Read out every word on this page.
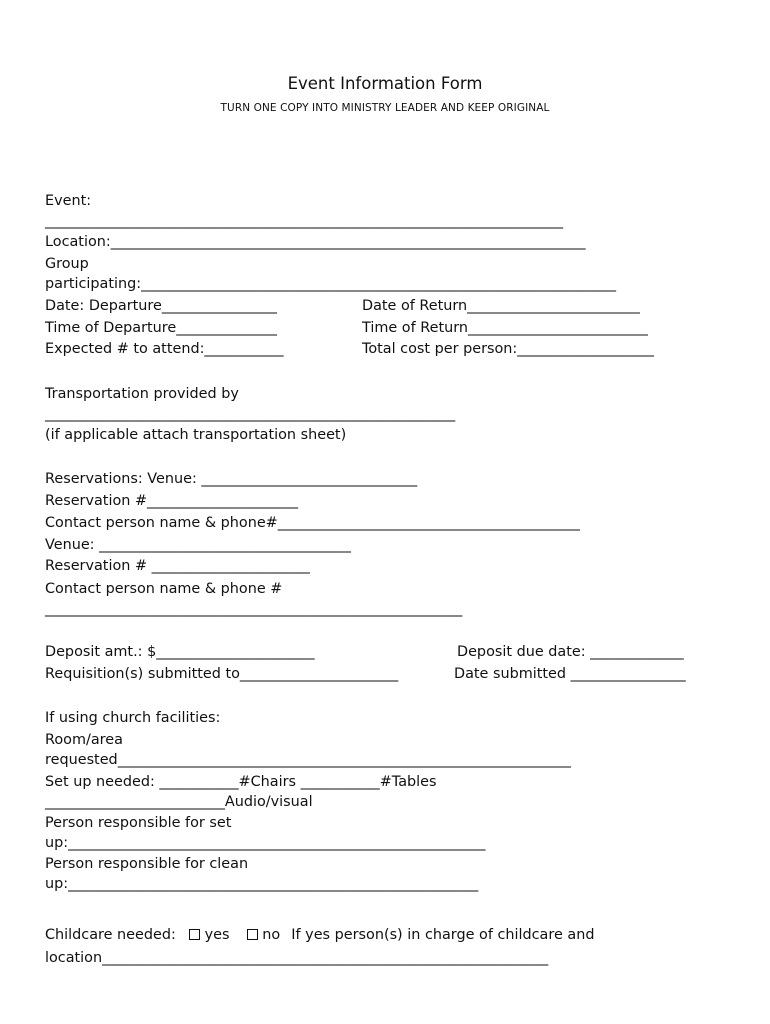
Event Information Form
TURN ONE COPY INTO MINISTRY LEADER AND KEEP ORIGINAL
Event:
________________________________________________________________________
Location:__________________________________________________________________
Group
participating:__________________________________________________________________
Date: Departure________________	Date of Return________________________
Time of Departure______________	Time of Return_________________________
Expected # to attend:___________	Total cost per person:___________________
Transportation provided by
_________________________________________________________
(if applicable attach transportation sheet)
Reservations: Venue: ______________________________
Reservation #_____________________
Contact person name & phone#__________________________________________
Venue: ___________________________________
Reservation # ______________________
Contact person name & phone #
__________________________________________________________
Deposit amt.: $______________________	Deposit due date: _____________
Requisition(s) submitted to______________________	Date submitted ________________
If using church facilities:
Room/area
requested_______________________________________________________________
Set up needed: ___________#Chairs ___________#Tables
_________________________Audio/visual
Person responsible for set
up:__________________________________________________________
Person responsible for clean
up:_________________________________________________________
Childcare needed: yes no If yes person(s) in charge of childcare and
location______________________________________________________________
